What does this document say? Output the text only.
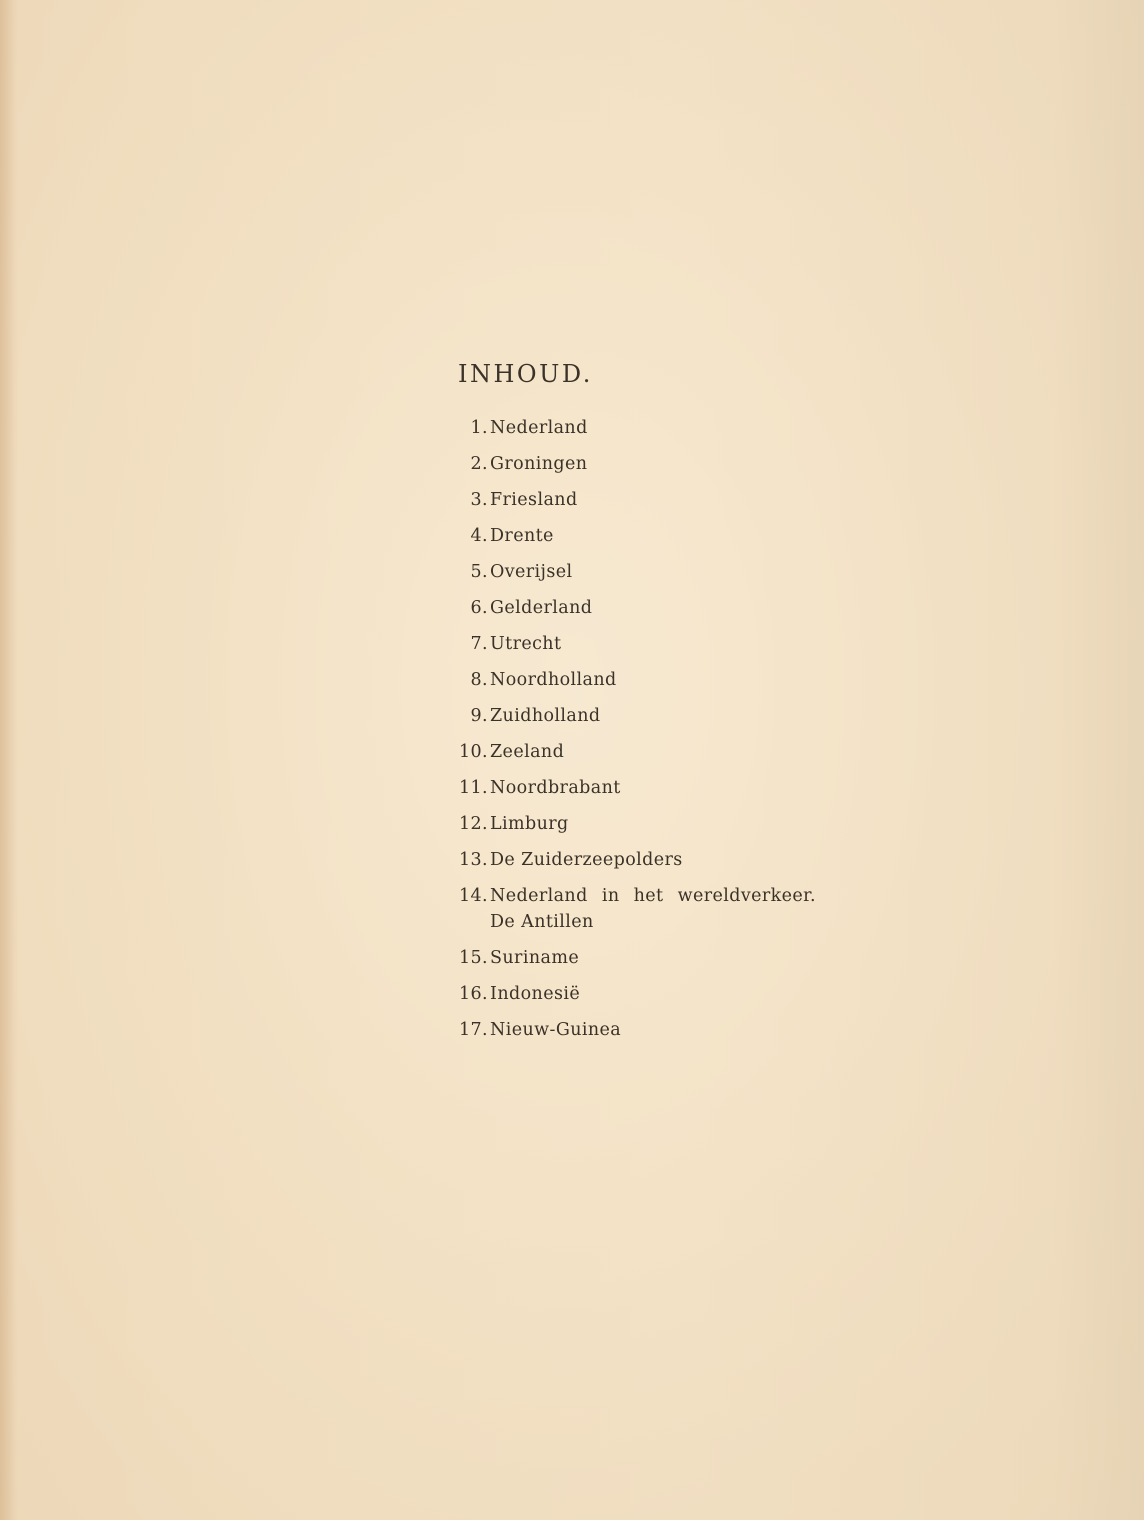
INHOUD.
1. Nederland
2. Groningen
3. Friesland
4. Drente
5. Overijsel
6. Gelderland
7. Utrecht
8. Noordholland
9. Zuidholland
10. Zeeland
11. Noordbrabant
12. Limburg
13. De Zuiderzeepolders
14. Nederland in het wereldverkeer.
De Antillen
15. Suriname
16. Indonesië
17. Nieuw-Guinea
